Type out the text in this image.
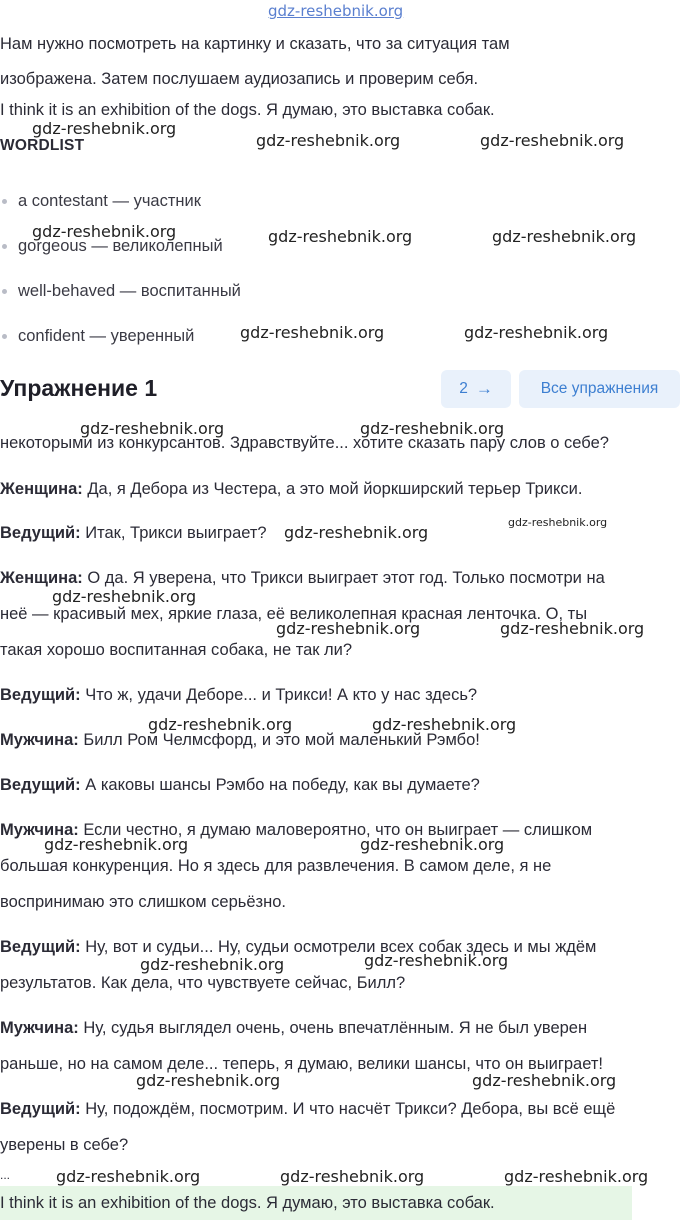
gdz-reshebnik.org
Нам нужно посмотреть на картинку и сказать, что за ситуация там
изображена. Затем послушаем аудиозапись и проверим себя.
I think it is an exhibition of the dogs. Я думаю, это выставка собак.
WORDLIST
a contestant — участник
gorgeous — великолепный
well-behaved — воспитанный
confident — уверенный
Упражнение 1	2 →	Все упражнения
некоторыми из конкурсантов. Здравствуйте... хотите сказать пару слов о себе?
Женщина: Да, я Дебора из Честера, а это мой йоркширский терьер Трикси.
Ведущий: Итак, Трикси выиграет?
Женщина: О да. Я уверена, что Трикси выиграет этот год. Только посмотри на
неё — красивый мех, яркие глаза, её великолепная красная ленточка. О, ты
такая хорошо воспитанная собака, не так ли?
Ведущий: Что ж, удачи Деборе... и Трикси! А кто у нас здесь?
Мужчина: Билл Ром Челмсфорд, и это мой маленький Рэмбо!
Ведущий: А каковы шансы Рэмбо на победу, как вы думаете?
Мужчина: Если честно, я думаю маловероятно, что он выиграет — слишком
большая конкуренция. Но я здесь для развлечения. В самом деле, я не
воспринимаю это слишком серьёзно.
Ведущий: Ну, вот и судьи... Ну, судьи осмотрели всех собак здесь и мы ждём
результатов. Как дела, что чувствуете сейчас, Билл?
Мужчина: Ну, судья выглядел очень, очень впечатлённым. Я не был уверен
раньше, но на самом деле... теперь, я думаю, велики шансы, что он выиграет!
Ведущий: Ну, подождём, посмотрим. И что насчёт Трикси? Дебора, вы всё ещё
уверены в себе?
...
I think it is an exhibition of the dogs. Я думаю, это выставка собак.
gdz-reshebnik.org
gdz-reshebnik.org	gdz-reshebnik.org
gdz-reshebnik.org	gdz-reshebnik.org	gdz-reshebnik.org
gdz-reshebnik.org	gdz-reshebnik.org
gdz-reshebnik.org	gdz-reshebnik.org
gdz-reshebnik.org
gdz-reshebnik.org
gdz-reshebnik.org
gdz-reshebnik.org	gdz-reshebnik.org
gdz-reshebnik.org	gdz-reshebnik.org
gdz-reshebnik.org	gdz-reshebnik.org
gdz-reshebnik.org	gdz-reshebnik.org
gdz-reshebnik.org	gdz-reshebnik.org
gdz-reshebnik.org	gdz-reshebnik.org	gdz-reshebnik.org
